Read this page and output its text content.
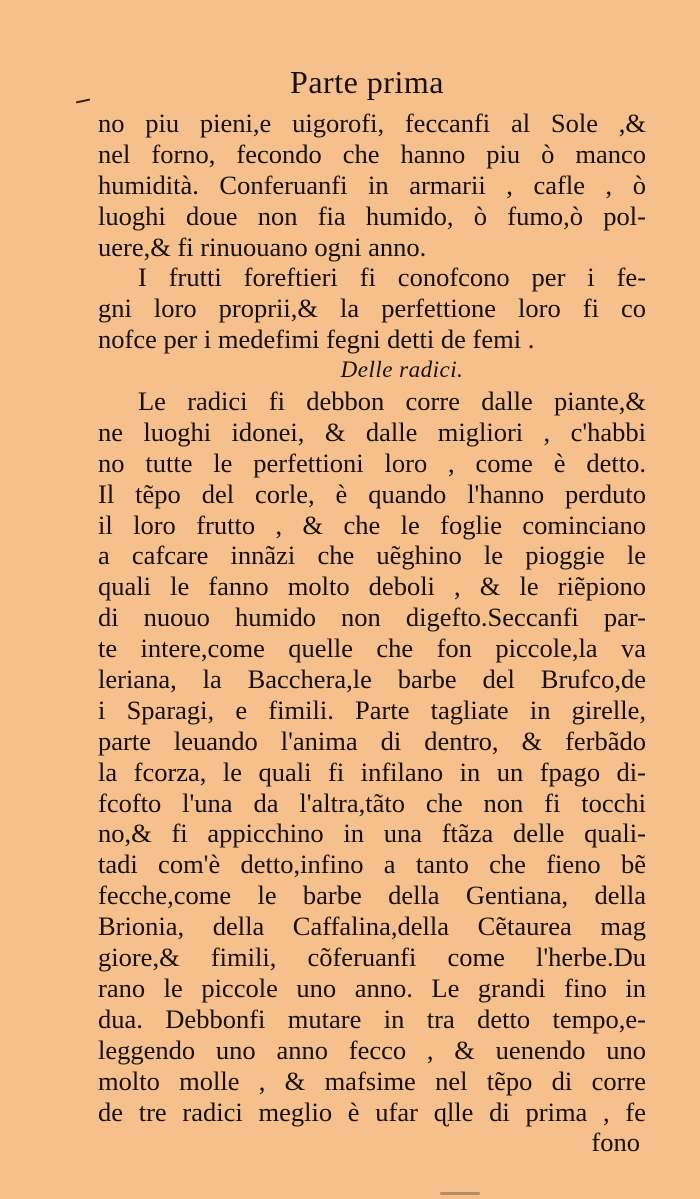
Parte prima
no piu pieni,e uigorofi, feccanfi al Sole ,&
nel forno, fecondo che hanno piu ò manco
humidità. Conferuanfi in armarii , cafle , ò
luoghi doue non fia humido, ò fumo,ò pol-
uere,& fi rinuouano ogni anno.
I frutti foreftieri fi conofcono per i fe-
gni loro proprii,& la perfettione loro fi co
nofce per i medefimi fegni detti de femi .
Delle radici.
Le radici fi debbon corre dalle piante,&
ne luoghi idonei, & dalle migliori , c'habbi
no tutte le perfettioni loro , come è detto.
Il tẽpo del corle, è quando l'hanno perduto
il loro frutto , & che le foglie cominciano
a cafcare innãzi che uẽghino le pioggie le
quali le fanno molto deboli , & le riẽpiono
di nuouo humido non digefto.Seccanfi par-
te intere,come quelle che fon piccole,la va
leriana, la Bacchera,le barbe del Brufco,de
i Sparagi, e fimili. Parte tagliate in girelle,
parte leuando l'anima di dentro, & ferbãdo
la fcorza, le quali fi infilano in un fpago di-
fcofto l'una da l'altra,tãto che non fi tocchi
no,& fi appicchino in una ftãza delle quali-
tadi com'è detto,infino a tanto che fieno bẽ
fecche,come le barbe della Gentiana, della
Brionia, della Caffalina,della Cẽtaurea mag
giore,& fimili, cõferuanfi come l'herbe.Du
rano le piccole uno anno. Le grandi fino in
dua. Debbonfi mutare in tra detto tempo,e-
leggendo uno anno fecco , & uenendo uno
molto molle , & mafsime nel tẽpo di corre
de tre radici meglio è ufar ɋlle di prima , fe
fono
